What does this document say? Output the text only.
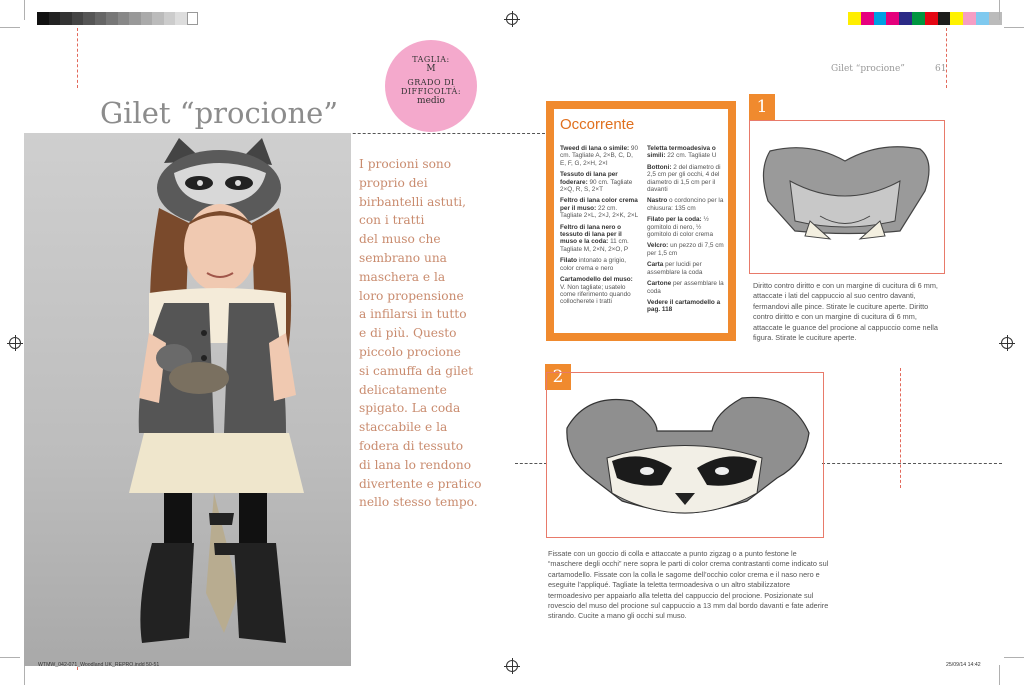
Gilet “procione”	61
TAGLIA:
M
GRADO DI
DIFFICOLTÀ:
medio
Gilet “procione”
I procioni sono
proprio dei
birbantelli astuti,
con i tratti
del muso che
sembrano una
maschera e la
loro propensione
a infilarsi in tutto
e di più. Questo
piccolo procione
si camuffa da gilet
delicatamente
spigato. La coda
staccabile e la
fodera di tessuto
di lana lo rendono
divertente e pratico
nello stesso tempo.
Occorrente
Tweed di lana o simile: 90 cm. Tagliate A, 2×B, C, D, E, F, G, 2×H, 2×I
Tessuto di lana per foderare: 90 cm. Tagliate 2×Q, R, S, 2×T
Feltro di lana color crema per il muso: 22 cm. Tagliate 2×L, 2×J, 2×K, 2×L
Feltro di lana nero o tessuto di lana per il muso e la coda: 11 cm. Tagliate M, 2×N, 2×O, P
Filato intonato a grigio, color crema e nero
Cartamodello del muso: V. Non tagliate; usatelo come riferimento quando collocherete i tratti
Teletta termoadesiva o simili: 22 cm. Tagliate U
Bottoni: 2 del diametro di 2,5 cm per gli occhi, 4 del diametro di 1,5 cm per il davanti
Nastro o cordoncino per la chiusura: 135 cm
Filato per la coda: ½ gomitolo di nero, ½ gomitolo di color crema
Velcro: un pezzo di 7,5 cm per 1,5 cm
Carta per lucidi per assemblare la coda
Cartone per assemblare la coda
Vedere il cartamodello a pag. 118
1
Diritto contro diritto e con un margine di cucitura di 6 mm, attaccate i lati del cappuccio al suo centro davanti, fermandovi alle pince. Stirate le cuciture aperte. Diritto contro diritto e con un margine di cucitura di 6 mm, attaccate le guance del procione al cappuccio come nella figura. Stirate le cuciture aperte.
2
Fissate con un goccio di colla e attaccate a punto zigzag o a punto festone le “maschere degli occhi” nere sopra le parti di color crema contrastanti come indicato sul cartamodello. Fissate con la colla le sagome dell’occhio color crema e il naso nero e eseguite l’appliqué. Tagliate la teletta termoadesiva o un altro stabilizzatore termoadesivo per appaiarlo alla teletta del cappuccio del procione. Posizionate sul rovescio del muso del procione sul cappuccio a 13 mm dal bordo davanti e fate aderire stirando. Cucite a mano gli occhi sul muso.
WTMW_042-071_Woodland UK_REPRO.indd 50-51	25/09/14 14:42
